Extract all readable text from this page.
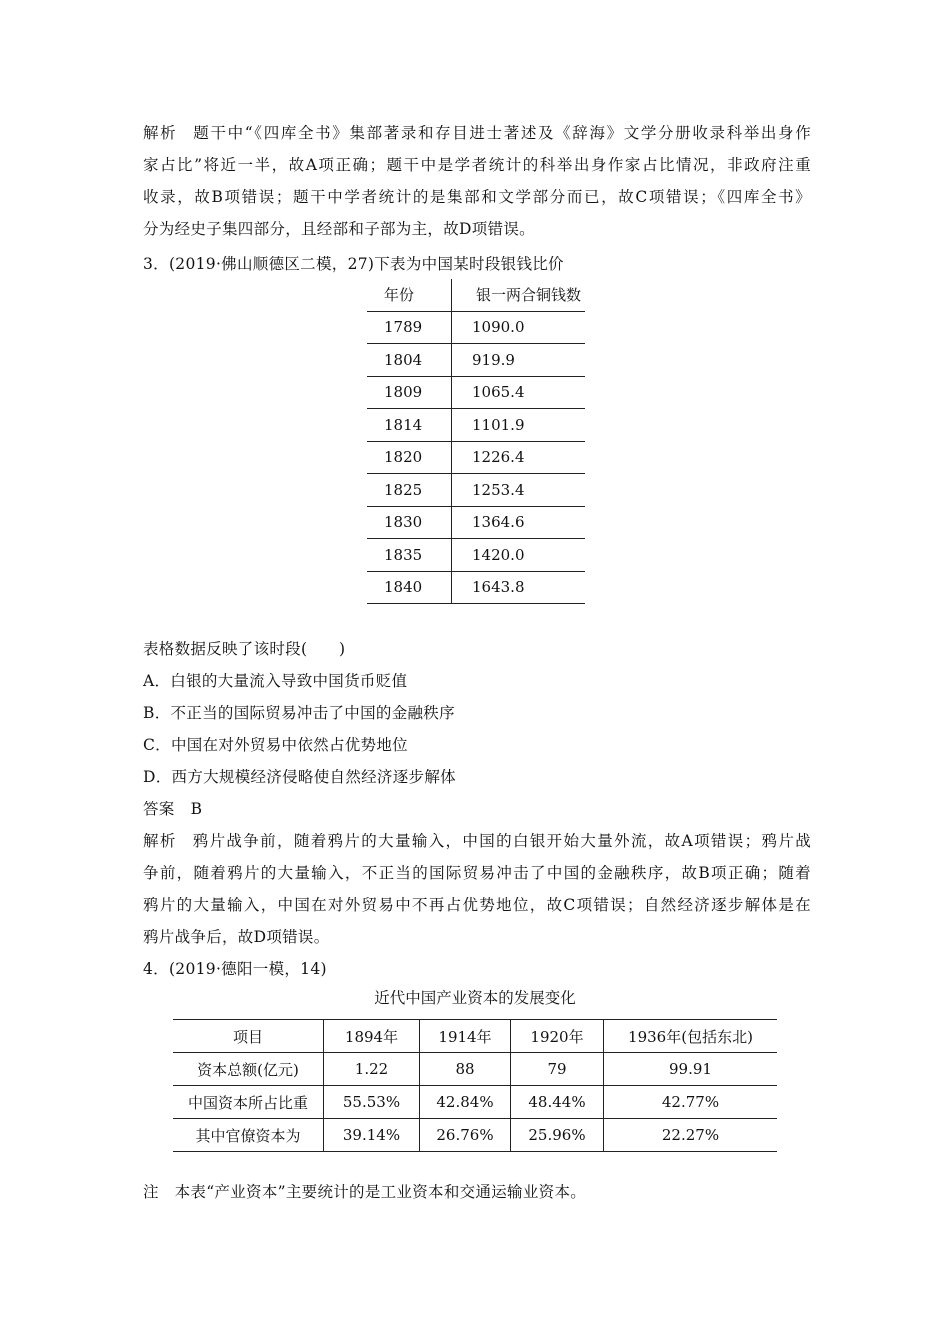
解析 题干中“《四库全书》集部著录和存目进士著述及《辞海》文学分册收录科举出身作
家占比”将近一半，故A项正确；题干中是学者统计的科举出身作家占比情况，非政府注重
收录，故B项错误；题干中学者统计的是集部和文学部分而已，故C项错误；《四库全书》
分为经史子集四部分，且经部和子部为主，故D项错误。
3．(2019·佛山顺德区二模，27)下表为中国某时段银钱比价
年份	银一两合铜钱数
1789	1090.0
1804	919.9
1809	1065.4
1814	1101.9
1820	1226.4
1825	1253.4
1830	1364.6
1835	1420.0
1840	1643.8
表格数据反映了该时段(　　)
A．白银的大量流入导致中国货币贬值
B．不正当的国际贸易冲击了中国的金融秩序
C．中国在对外贸易中依然占优势地位
D．西方大规模经济侵略使自然经济逐步解体
答案 B
解析 鸦片战争前，随着鸦片的大量输入，中国的白银开始大量外流，故A项错误；鸦片战
争前，随着鸦片的大量输入，不正当的国际贸易冲击了中国的金融秩序，故B项正确；随着
鸦片的大量输入，中国在对外贸易中不再占优势地位，故C项错误；自然经济逐步解体是在
鸦片战争后，故D项错误。
4．(2019·德阳一模，14)
近代中国产业资本的发展变化
项目	1894年	1914年	1920年	1936年(包括东北)
资本总额(亿元)	1.22	88	79	99.91
中国资本所占比重	55.53%	42.84%	48.44%	42.77%
其中官僚资本为	39.14%	26.76%	25.96%	22.27%
注　本表“产业资本”主要统计的是工业资本和交通运输业资本。
